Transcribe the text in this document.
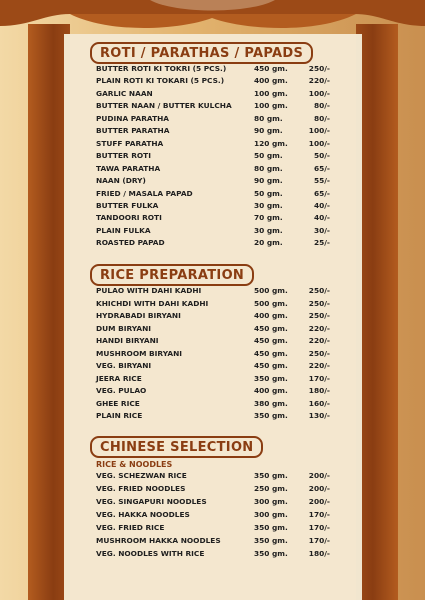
ROTI / PARATHAS / PAPADS
BUTTER ROTI KI TOKRI (5 PCS.)	450 gm.	250/-
PLAIN ROTI KI TOKARI (5 PCS.)	400 gm.	220/-
GARLIC NAAN	100 gm.	100/-
BUTTER NAAN / BUTTER KULCHA	100 gm.	80/-
PUDINA PARATHA	80 gm.	80/-
BUTTER PARATHA	90 gm.	100/-
STUFF PARATHA	120 gm.	100/-
BUTTER ROTI	50 gm.	50/-
TAWA PARATHA	80 gm.	65/-
NAAN (DRY)	90 gm.	55/-
FRIED / MASALA PAPAD	50 gm.	65/-
BUTTER FULKA	30 gm.	40/-
TANDOORI ROTI	70 gm.	40/-
PLAIN FULKA	30 gm.	30/-
ROASTED PAPAD	20 gm.	25/-
RICE PREPARATION
PULAO WITH DAHI KADHI	500 gm.	250/-
KHICHDI WITH DAHI KADHI	500 gm.	250/-
HYDRABADI BIRYANI	400 gm.	250/-
DUM BIRYANI	450 gm.	220/-
HANDI BIRYANI	450 gm.	220/-
MUSHROOM BIRYANI	450 gm.	250/-
VEG. BIRYANI	450 gm.	220/-
JEERA RICE	350 gm.	170/-
VEG. PULAO	400 gm.	180/-
GHEE RICE	380 gm.	160/-
PLAIN RICE	350 gm.	130/-
CHINESE SELECTION
RICE & NOODLES
VEG. SCHEZWAN RICE	350 gm.	200/-
VEG. FRIED NOODLES	250 gm.	200/-
VEG. SINGAPURI NOODLES	300 gm.	200/-
VEG. HAKKA NOODLES	300 gm.	170/-
VEG. FRIED RICE	350 gm.	170/-
MUSHROOM HAKKA NOODLES	350 gm.	170/-
VEG. NOODLES WITH RICE	350 gm.	180/-
